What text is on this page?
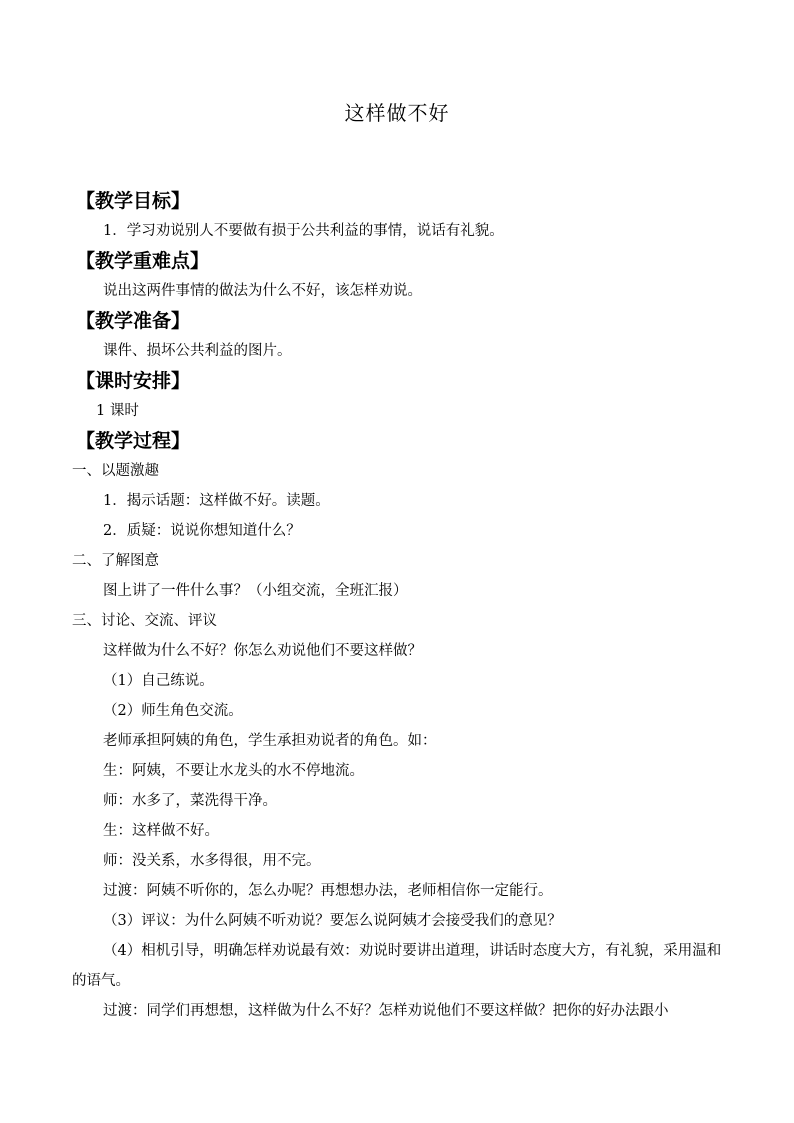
这样做不好
【教学目标】
1．学习劝说别人不要做有损于公共利益的事情，说话有礼貌。
【教学重难点】
说出这两件事情的做法为什么不好，该怎样劝说。
【教学准备】
课件、损坏公共利益的图片。
【课时安排】
1 课时
【教学过程】
一、以题激趣
1．揭示话题：这样做不好。读题。
2．质疑：说说你想知道什么？
二、了解图意
图上讲了一件什么事？（小组交流，全班汇报）
三、讨论、交流、评议
这样做为什么不好？你怎么劝说他们不要这样做？
（1）自己练说。
（2）师生角色交流。
老师承担阿姨的角色，学生承担劝说者的角色。如：
生：阿姨，不要让水龙头的水不停地流。
师：水多了，菜洗得干净。
生：这样做不好。
师：没关系，水多得很，用不完。
过渡：阿姨不听你的，怎么办呢？再想想办法，老师相信你一定能行。
（3）评议：为什么阿姨不听劝说？要怎么说阿姨才会接受我们的意见？
（4）相机引导，明确怎样劝说最有效：劝说时要讲出道理，讲话时态度大方，有礼貌，采用温和的语气。
过渡：同学们再想想，这样做为什么不好？怎样劝说他们不要这样做？把你的好办法跟小
